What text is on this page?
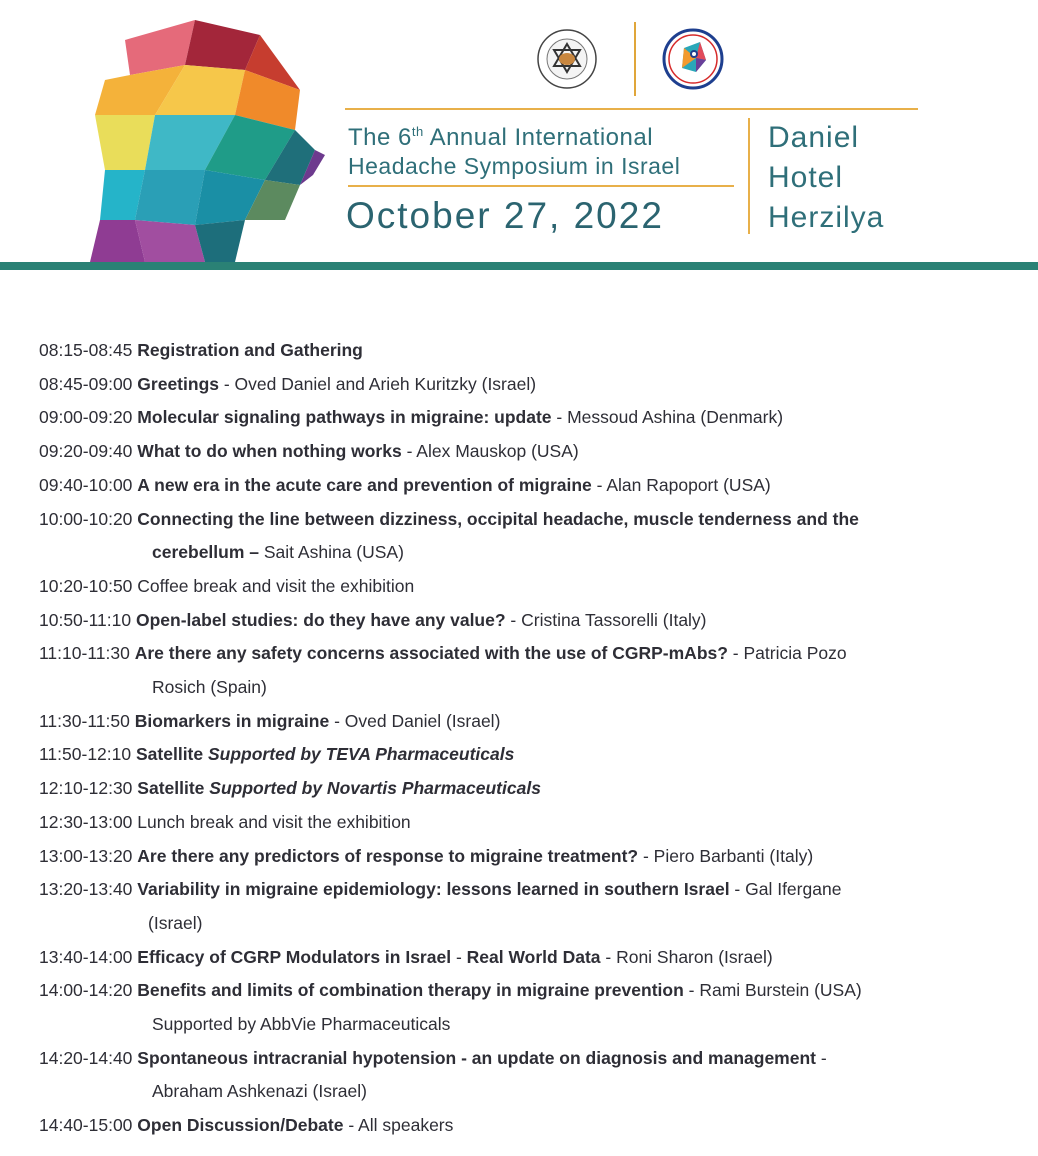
The 6th Annual International
Headache Symposium in Israel
October 27, 2022
Daniel
Hotel
Herzilya
08:15-08:45 Registration and Gathering
08:45-09:00 Greetings - Oved Daniel and Arieh Kuritzky (Israel)
09:00-09:20 Molecular signaling pathways in migraine: update - Messoud Ashina (Denmark)
09:20-09:40 What to do when nothing works - Alex Mauskop (USA)
09:40-10:00 A new era in the acute care and prevention of migraine - Alan Rapoport (USA)
10:00-10:20 Connecting the line between dizziness, occipital headache, muscle tenderness and the
cerebellum – Sait Ashina (USA)
10:20-10:50 Coffee break and visit the exhibition
10:50-11:10 Open-label studies: do they have any value? - Cristina Tassorelli (Italy)
11:10-11:30 Are there any safety concerns associated with the use of CGRP-mAbs? - Patricia Pozo
Rosich (Spain)
11:30-11:50 Biomarkers in migraine - Oved Daniel (Israel)
11:50-12:10 Satellite Supported by TEVA Pharmaceuticals
12:10-12:30 Satellite Supported by Novartis Pharmaceuticals
12:30-13:00 Lunch break and visit the exhibition
13:00-13:20 Are there any predictors of response to migraine treatment? - Piero Barbanti (Italy)
13:20-13:40 Variability in migraine epidemiology: lessons learned in southern Israel - Gal Ifergane
(Israel)
13:40-14:00 Efficacy of CGRP Modulators in Israel - Real World Data - Roni Sharon (Israel)
14:00-14:20 Benefits and limits of combination therapy in migraine prevention - Rami Burstein (USA)
Supported by AbbVie Pharmaceuticals
14:20-14:40 Spontaneous intracranial hypotension - an update on diagnosis and management -
Abraham Ashkenazi (Israel)
14:40-15:00 Open Discussion/Debate - All speakers
